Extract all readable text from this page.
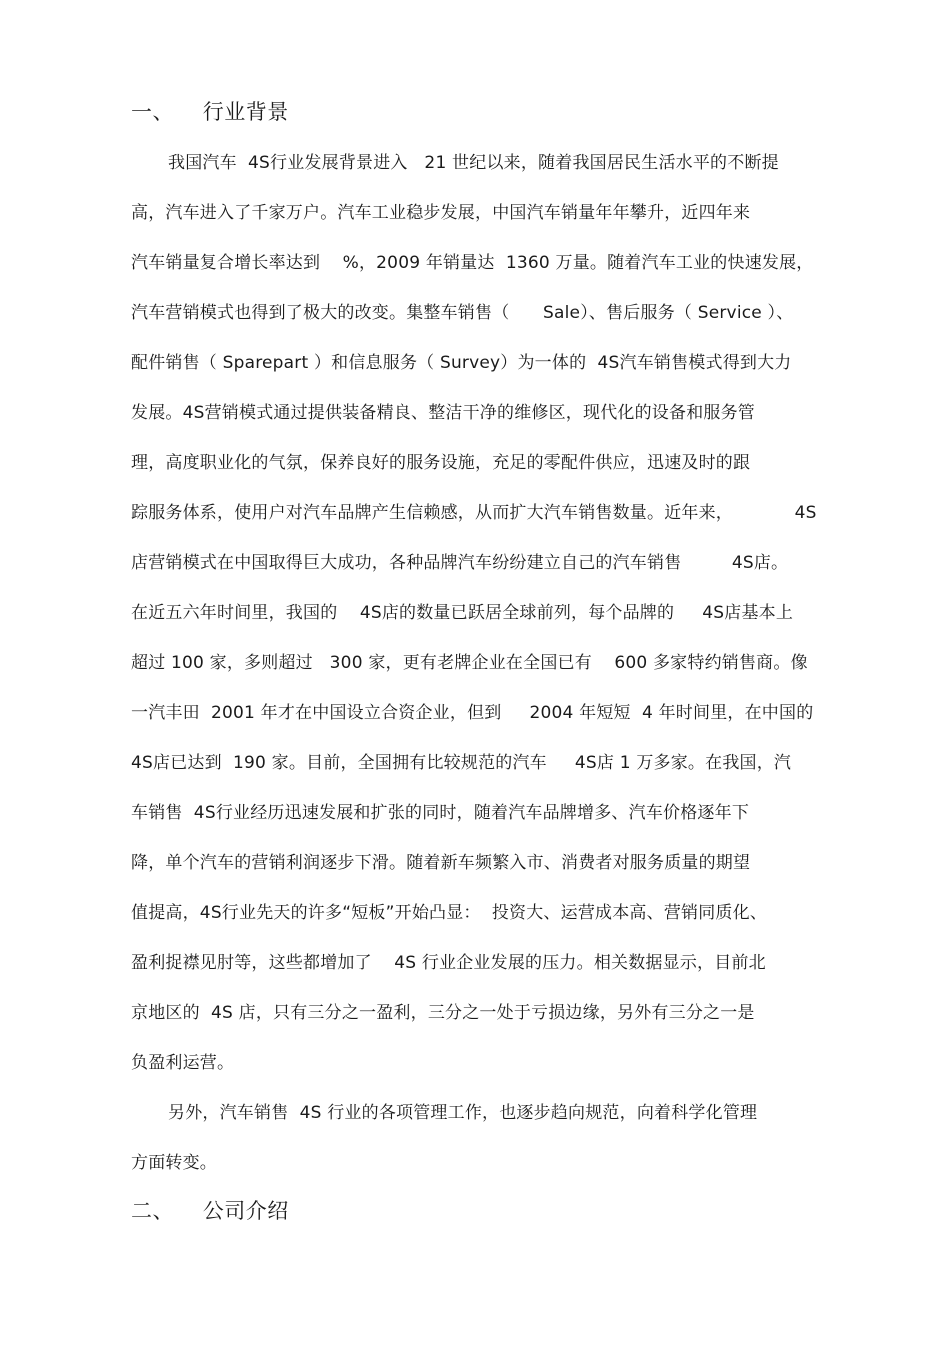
一、    行业背景
我国汽车  4S行业发展背景进入   21 世纪以来，随着我国居民生活水平的不断提
高，汽车进入了千家万户。汽车工业稳步发展，中国汽车销量年年攀升，近四年来
汽车销量复合增长率达到    %，2009 年销量达  1360 万量。随着汽车工业的快速发展，
汽车营销模式也得到了极大的改变。集整车销售（      Sale）、售后服务（ Service ）、
配件销售（ Sparepart ）和信息服务（ Survey）为一体的  4S汽车销售模式得到大力
发展。4S营销模式通过提供装备精良、整洁干净的维修区，现代化的设备和服务管
理，高度职业化的气氛，保养良好的服务设施，充足的零配件供应，迅速及时的跟
踪服务体系，使用户对汽车品牌产生信赖感，从而扩大汽车销售数量。近年来，           4S
店营销模式在中国取得巨大成功，各种品牌汽车纷纷建立自己的汽车销售         4S店。
在近五六年时间里，我国的    4S店的数量已跃居全球前列，每个品牌的     4S店基本上
超过 100 家，多则超过   300 家，更有老牌企业在全国已有    600 多家特约销售商。像
一汽丰田  2001 年才在中国设立合资企业，但到     2004 年短短  4 年时间里，在中国的
4S店已达到  190 家。目前，全国拥有比较规范的汽车     4S店 1 万多家。在我国，汽
车销售  4S行业经历迅速发展和扩张的同时，随着汽车品牌增多、汽车价格逐年下
降，单个汽车的营销利润逐步下滑。随着新车频繁入市、消费者对服务质量的期望
值提高，4S行业先天的许多“短板”开始凸显：  投资大、运营成本高、营销同质化、
盈利捉襟见肘等，这些都增加了    4S 行业企业发展的压力。相关数据显示，目前北
京地区的  4S 店，只有三分之一盈利，三分之一处于亏损边缘，另外有三分之一是
负盈利运营。
另外，汽车销售  4S 行业的各项管理工作，也逐步趋向规范，向着科学化管理
方面转变。
二、    公司介绍
